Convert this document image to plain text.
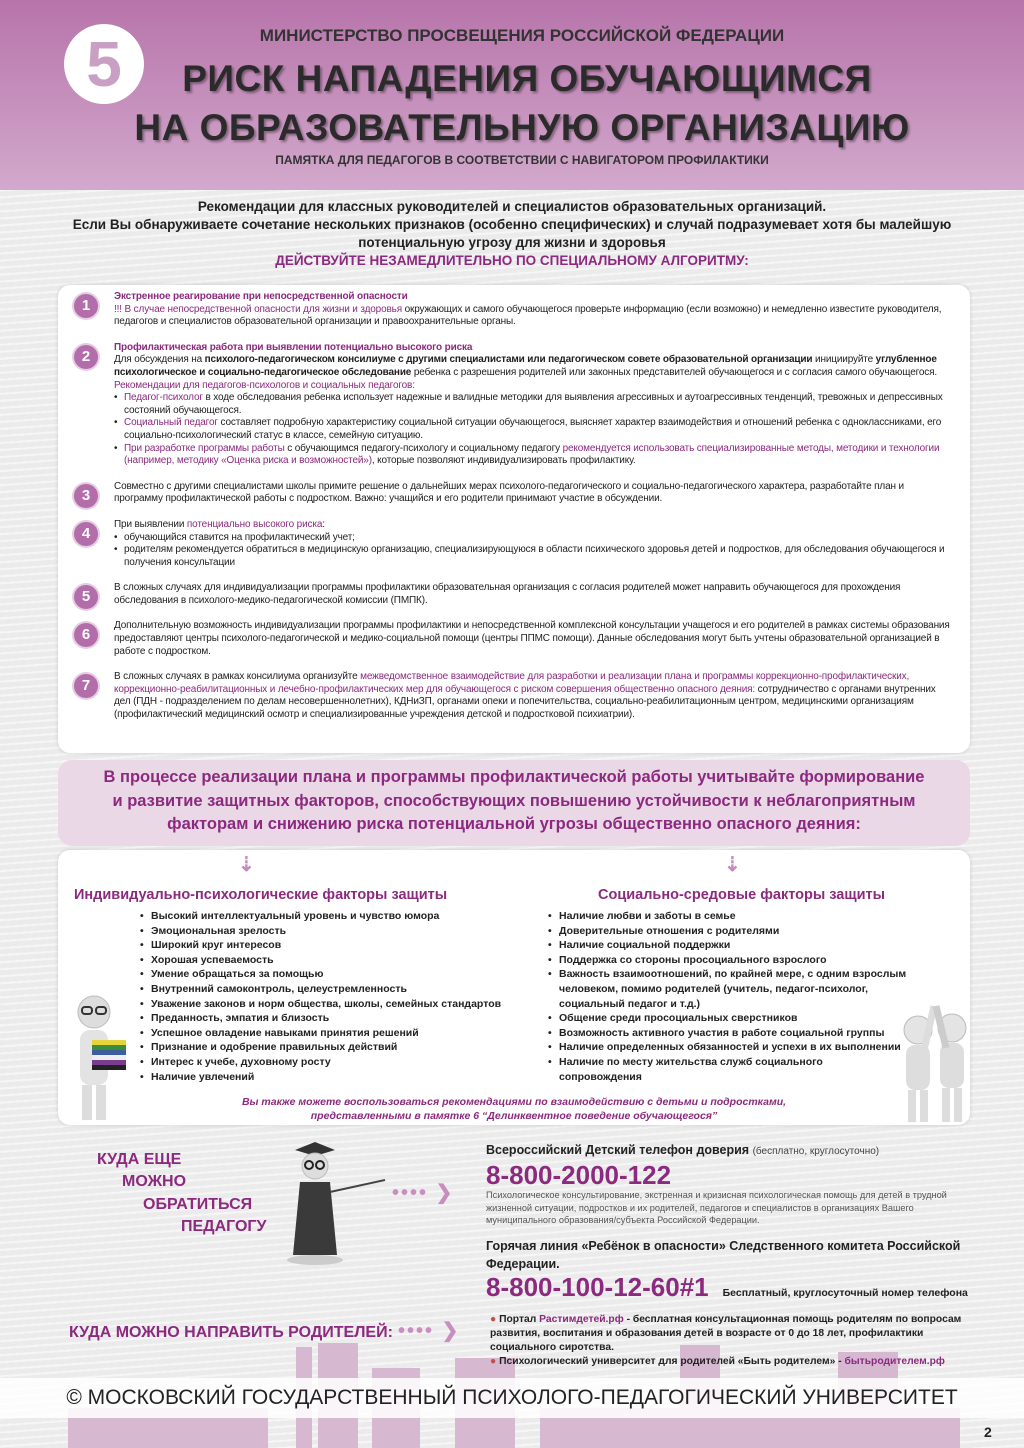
5	МИНИСТЕРСТВО ПРОСВЕЩЕНИЯ РОССИЙСКОЙ ФЕДЕРАЦИИ
РИСК НАПАДЕНИЯ ОБУЧАЮЩИМСЯ
НА ОБРАЗОВАТЕЛЬНУЮ ОРГАНИЗАЦИЮ
ПАМЯТКА ДЛЯ ПЕДАГОГОВ В СООТВЕТСТВИИ С НАВИГАТОРОМ ПРОФИЛАКТИКИ
Рекомендации для классных руководителей и специалистов образовательных организаций.
Если Вы обнаруживаете сочетание нескольких признаков (особенно специфических) и случай подразумевает хотя бы малейшую потенциальную угрозу для жизни и здоровья
ДЕЙСТВУЙТЕ НЕЗАМЕДЛИТЕЛЬНО ПО СПЕЦИАЛЬНОМУ АЛГОРИТМУ:
1
Экстренное реагирование при непосредственной опасности
!!! В случае непосредственной опасности для жизни и здоровья окружающих и самого обучающегося проверьте информацию (если возможно) и немедленно известите руководителя, педагогов и специалистов образовательной организации и правоохранительные органы.
2
Профилактическая работа при выявлении потенциально высокого риска
Для обсуждения на психолого-педагогическом консилиуме с другими специалистами или педагогическом совете образовательной организации инициируйте углубленное психологическое и социально-педагогическое обследование ребенка с разрешения родителей или законных представителей обучающегося и с согласия самого обучающегося.
Рекомендации для педагогов-психологов и социальных педагогов:
• Педагог-психолог в ходе обследования ребенка использует надежные и валидные методики для выявления агрессивных и аутоагрессивных тенденций, тревожных и депрессивных состояний обучающегося.
• Социальный педагог составляет подробную характеристику социальной ситуации обучающегося, выясняет характер взаимодействия и отношений ребенка с одноклассниками, его социально-психологический статус в классе, семейную ситуацию.
• При разработке программы работы с обучающимся педагогу-психологу и социальному педагогу рекомендуется использовать специализированные методы, методики и технологии (например, методику «Оценка риска и возможностей»), которые позволяют индивидуализировать профилактику.
3
Совместно с другими специалистами школы примите решение о дальнейших мерах психолого-педагогического и социально-педагогического характера, разработайте план и программу профилактической работы с подростком. Важно: учащийся и его родители принимают участие в обсуждении.
4
При выявлении потенциально высокого риска:
• обучающийся ставится на профилактический учет;
• родителям рекомендуется обратиться в медицинскую организацию, специализирующуюся в области психического здоровья детей и подростков, для обследования обучающегося и получения консультации
5
В сложных случаях для индивидуализации программы профилактики образовательная организация с согласия родителей может направить обучающегося для прохождения обследования в психолого-медико-педагогической комиссии (ПМПК).
6
Дополнительную возможность индивидуализации программы профилактики и непосредственной комплексной консультации учащегося и его родителей в рамках системы образования предоставляют центры психолого-педагогической и медико-социальной помощи (центры ППМС помощи). Данные обследования могут быть учтены образовательной организацией в работе с подростком.
7
В сложных случаях в рамках консилиума организуйте межведомственное взаимодействие для разработки и реализации плана и программы коррекционно-профилактических, коррекционно-реабилитационных и лечебно-профилактических мер для обучающегося с риском совершения общественно опасного деяния: сотрудничество с органами внутренних дел (ПДН - подразделением по делам несовершеннолетних), КДНиЗП, органами опеки и попечительства, социально-реабилитационным центром, медицинскими организациям (профилактический медицинский осмотр и специализированные учреждения детской и подростковой психиатрии).
В процессе реализации плана и программы профилактической работы учитывайте формирование
и развитие защитных факторов, способствующих повышению устойчивости к неблагоприятным
факторам и снижению риска потенциальной угрозы общественно опасного деяния:
⇣	⇣
Индивидуально-психологические факторы защиты
• Высокий интеллектуальный уровень и чувство юмора
• Эмоциональная зрелость
• Широкий круг интересов
• Хорошая успеваемость
• Умение обращаться за помощью
• Внутренний самоконтроль, целеустремленность
• Уважение законов и норм общества, школы, семейных стандартов
• Преданность, эмпатия и близость
• Успешное овладение навыками принятия решений
• Признание и одобрение правильных действий
• Интерес к учебе, духовному росту
• Наличие увлечений
Социально-средовые факторы защиты
• Наличие любви и заботы в семье
• Доверительные отношения с родителями
• Наличие социальной поддержки
• Поддержка со стороны просоциального взрослого
• Важность взаимоотношений, по крайней мере, с одним взрослым человеком, помимо родителей (учитель, педагог-психолог, социальный педагог и т.д.)
• Общение среди просоциальных сверстников
• Возможность активного участия в работе социальной группы
• Наличие определенных обязанностей и успехи в их выполнении
• Наличие по месту жительства служб социального сопровождения
Вы также можете воспользоваться рекомендациями по взаимодействию с детьми и подростками,
представленными в памятке 6 “Делинквентное поведение обучающегося”
КУДА ЕЩЕ
МОЖНО
ОБРАТИТЬСЯ
ПЕДАГОГУ
•••• ❯
•••• ❯
Всероссийский Детский телефон доверия (бесплатно, круглосуточно)
8-800-2000-122
Психологическое консультирование, экстренная и кризисная психологическая помощь для детей в трудной жизненной ситуации, подростков и их родителей, педагогов и специалистов в организациях Вашего муниципального образования/субъекта Российской Федерации.
Горячая линия «Ребёнок в опасности» Следственного комитета Российской Федерации.
8-800-100-12-60#1 Бесплатный, круглосуточный номер телефона
КУДА МОЖНО НАПРАВИТЬ РОДИТЕЛЕЙ:
● Портал Растимдетей.рф - бесплатная консультационная помощь родителям по вопросам развития, воспитания и образования детей в возрасте от 0 до 18 лет, профилактики социального сиротства.
● Психологический университет для родителей «Быть родителем» - бытьродителем.рф
© МОСКОВСКИЙ ГОСУДАРСТВЕННЫЙ ПСИХОЛОГО-ПЕДАГОГИЧЕСКИЙ УНИВЕРСИТЕТ
2
